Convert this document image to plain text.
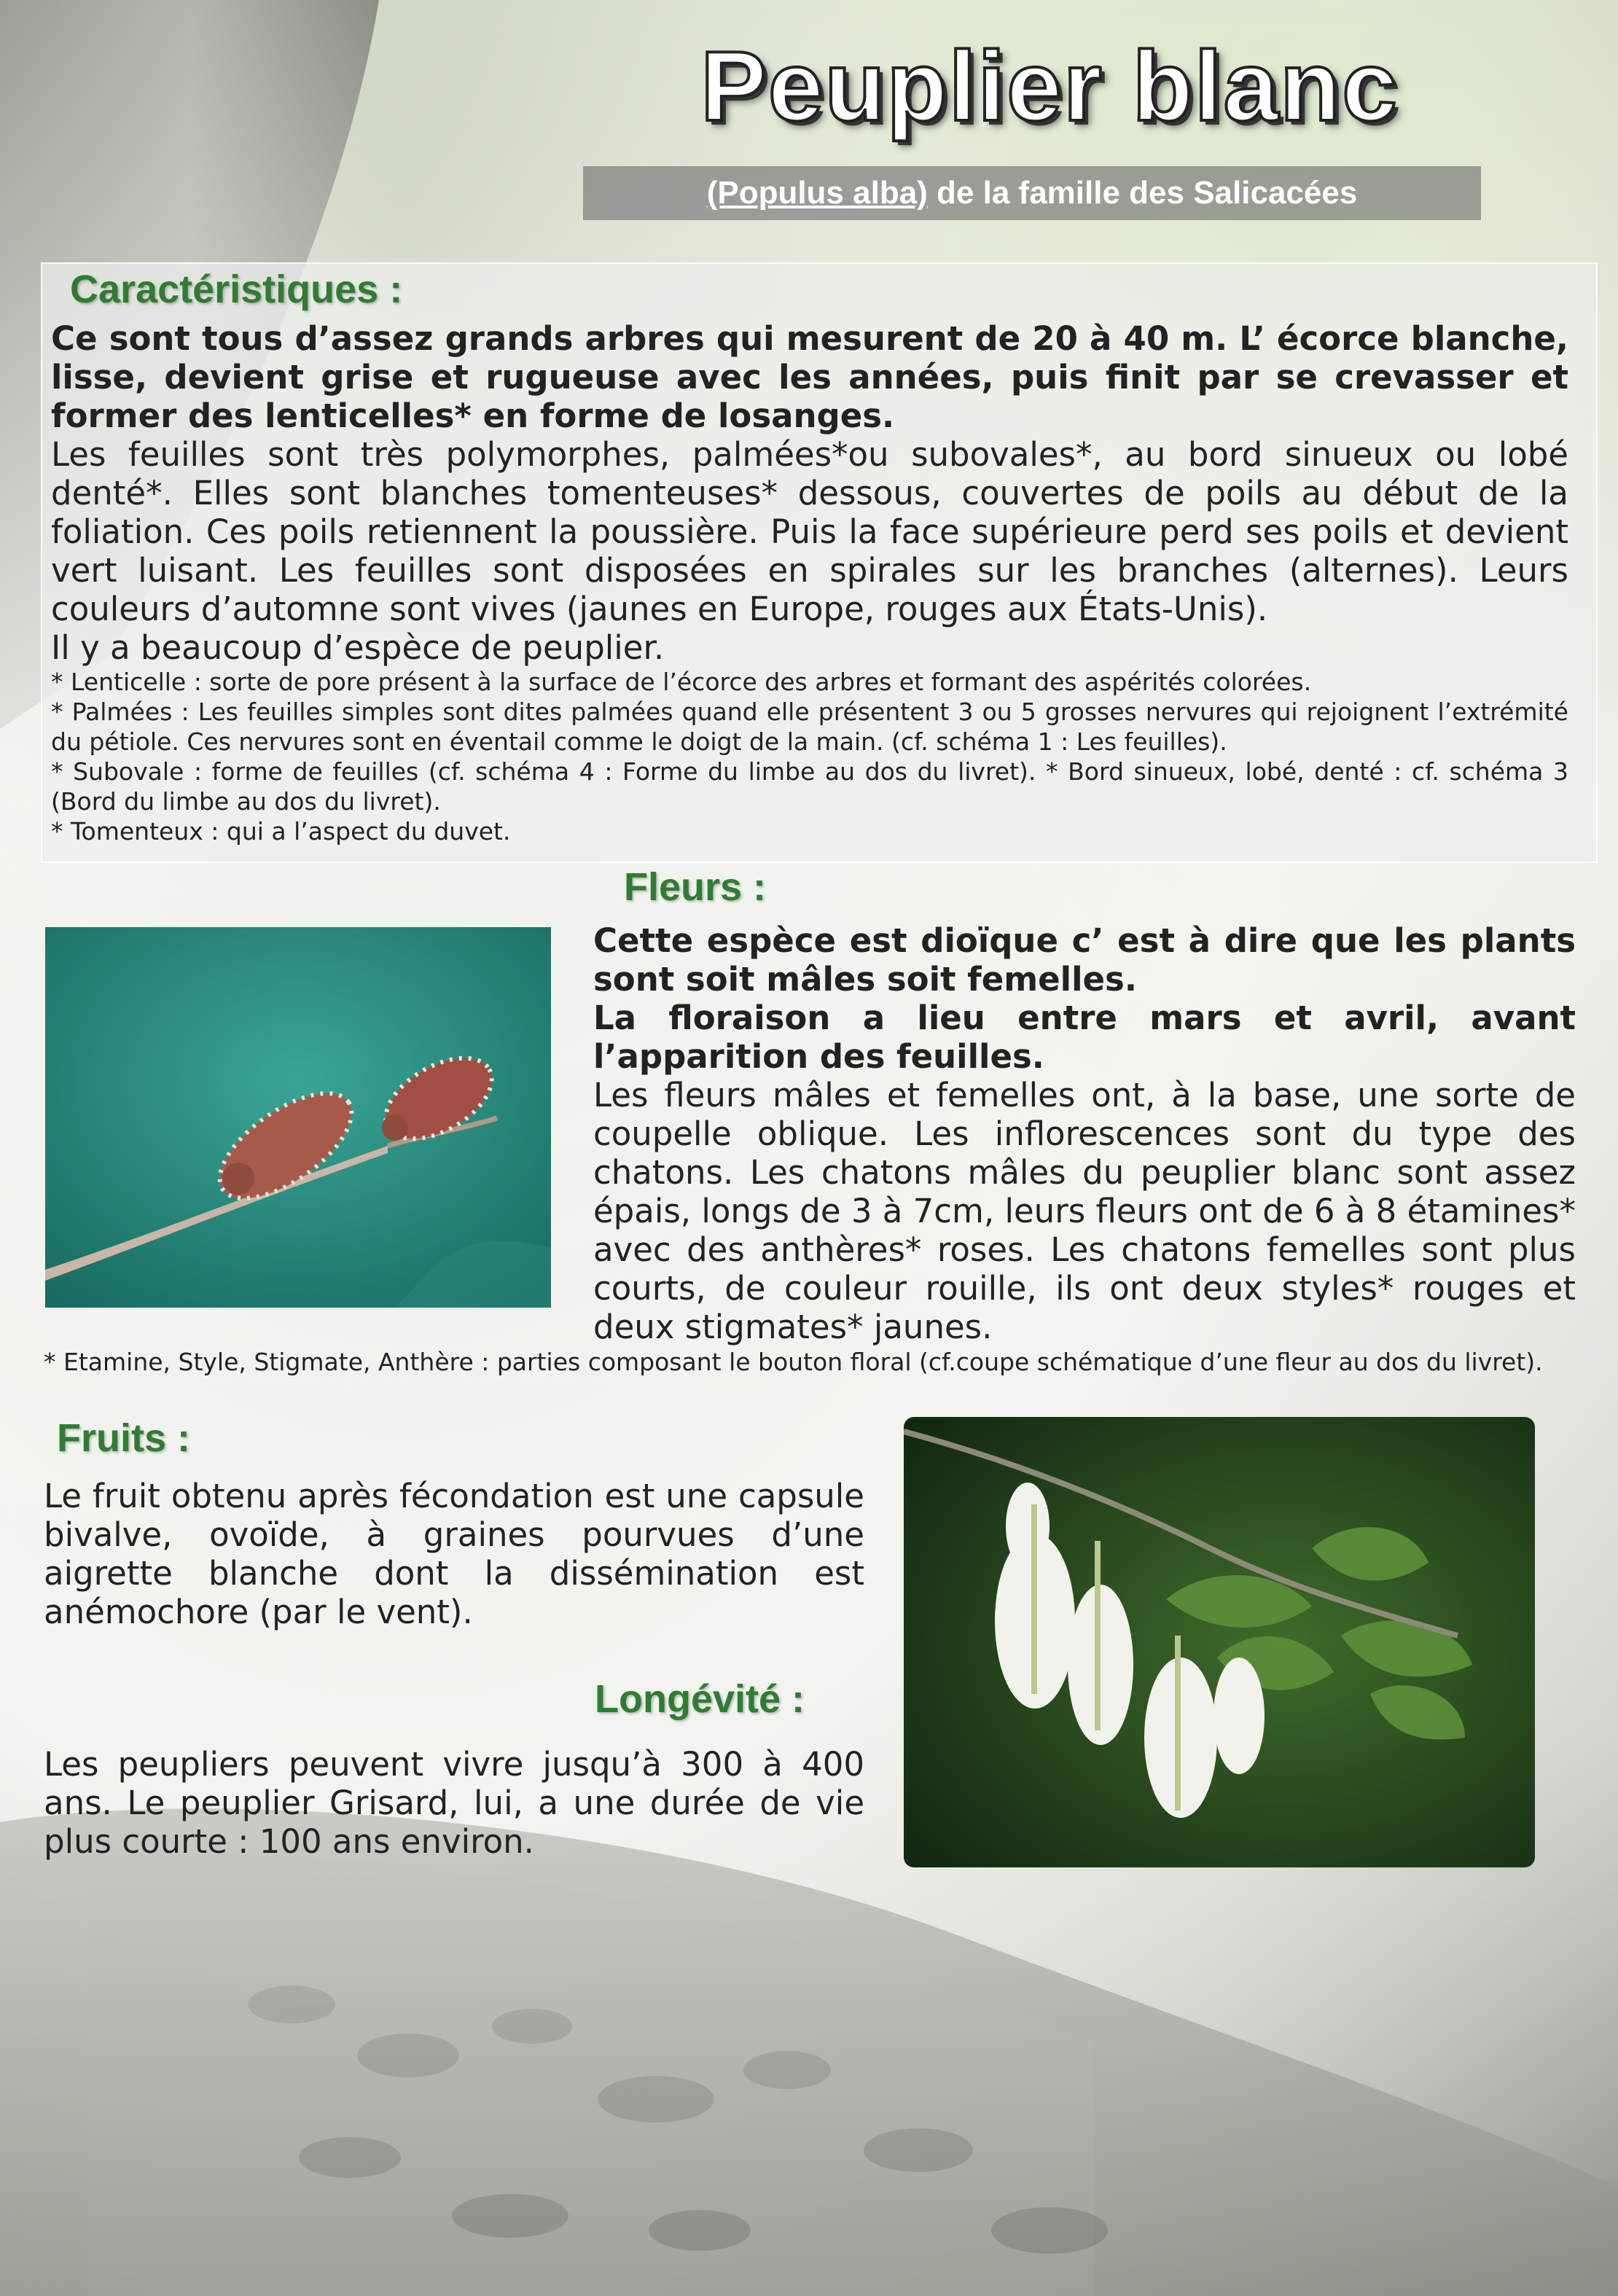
Peuplier blanc
(Populus alba) de la famille des Salicacées
Caractéristiques :

Ce sont tous d’assez grands arbres qui mesurent de 20 à 40 m. L’ écorce blanche, lisse, devient grise et rugueuse avec les années, puis finit par se crevasser et former des lenticelles* en forme de losanges.

Les feuilles sont très polymorphes, palmées*ou subovales*, au bord sinueux ou lobé denté*. Elles sont blanches tomenteuses* dessous, couvertes de poils au début de la foliation. Ces poils retiennent la poussière. Puis la face supérieure perd ses poils et devient vert luisant. Les feuilles sont disposées en spirales sur les branches (alternes). Leurs couleurs d’automne sont vives (jaunes en Europe, rouges aux États-Unis).

Il y a beaucoup d’espèce de peuplier.

* Lenticelle : sorte de pore présent à la surface de l’écorce des arbres et formant des aspérités colorées.

* Palmées : Les feuilles simples sont dites palmées quand elle présentent 3 ou 5 grosses nervures qui rejoignent l’extrémité du pétiole. Ces nervures sont en éventail comme le doigt de la main. (cf. schéma 1 : Les feuilles).

* Subovale : forme de feuilles (cf. schéma 4 : Forme du limbe au dos du livret). * Bord sinueux, lobé, denté : cf. schéma 3 (Bord du limbe au dos du livret).

* Tomenteux : qui a l’aspect du duvet.

Fleurs :

Cette espèce est dioïque c’ est à dire que les plants sont soit mâles soit femelles.

La floraison a lieu entre mars et avril, avant l’apparition des feuilles.

Les fleurs mâles et femelles ont, à la base, une sorte de coupelle oblique. Les inflorescences sont du type des chatons. Les chatons mâles du peuplier blanc sont assez épais, longs de 3 à 7cm, leurs fleurs ont de 6 à 8 étamines* avec des anthères* roses. Les chatons femelles sont plus courts, de couleur rouille, ils ont deux styles* rouges et deux stigmates* jaunes.

* Etamine, Style, Stigmate, Anthère : parties composant le bouton floral (cf.coupe schématique d’une fleur au dos du livret).
Fruits :
Le fruit obtenu après fécondation est une capsule bivalve, ovoïde, à graines pourvues d’une aigrette blanche dont la dissémination est anémochore (par le vent).
Longévité :
Les peupliers peuvent vivre jusqu’à 300 à 400 ans. Le peuplier Grisard, lui, a une durée de vie plus courte : 100 ans environ.
